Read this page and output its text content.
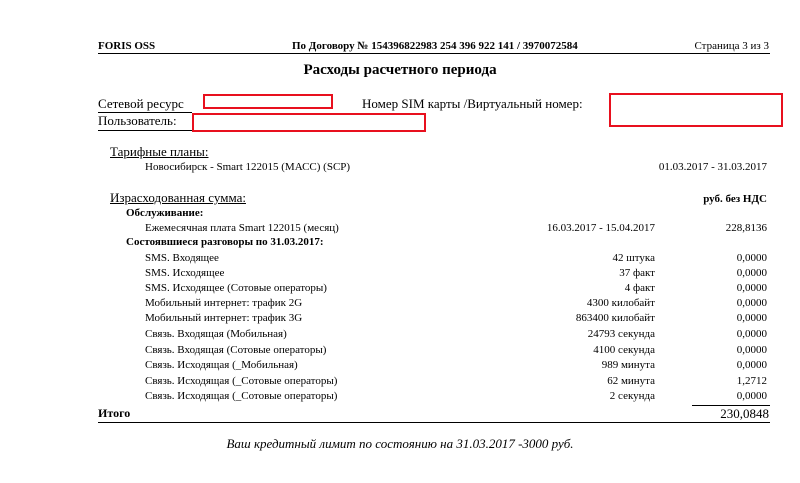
FORIS OSS	По Договору № 154396822983 254 396 922 141 / 3970072584	Страница 3 из 3
Расходы расчетного периода
Сетевой ресурс	Номер SIM карты /Виртуальный номер:
Пользователь:
Тарифные планы:
Новосибирск - Smart 122015 (МАСС) (SCP)	01.03.2017 - 31.03.2017
Израсходованная сумма:	руб. без НДС
Обслуживание:
Ежемесячная плата Smart 122015 (месяц)	16.03.2017 - 15.04.2017	228,8136
Состоявшиеся разговоры по 31.03.2017:
SMS. Входящее	42 штука	0,0000
SMS. Исходящее	37 факт	0,0000
SMS. Исходящее (Сотовые операторы)	4 факт	0,0000
Мобильный интернет: трафик 2G	4300 килобайт	0,0000
Мобильный интернет: трафик 3G	863400 килобайт	0,0000
Связь. Входящая (Мобильная)	24793 секунда	0,0000
Связь. Входящая (Сотовые операторы)	4100 секунда	0,0000
Связь. Исходящая (_Мобильная)	989 минута	0,0000
Связь. Исходящая (_Сотовые операторы)	62 минута	1,2712
Связь. Исходящая (_Сотовые операторы)	2 секунда	0,0000
Итого	230,0848
Ваш кредитный лимит по состоянию на 31.03.2017 -3000 руб.
